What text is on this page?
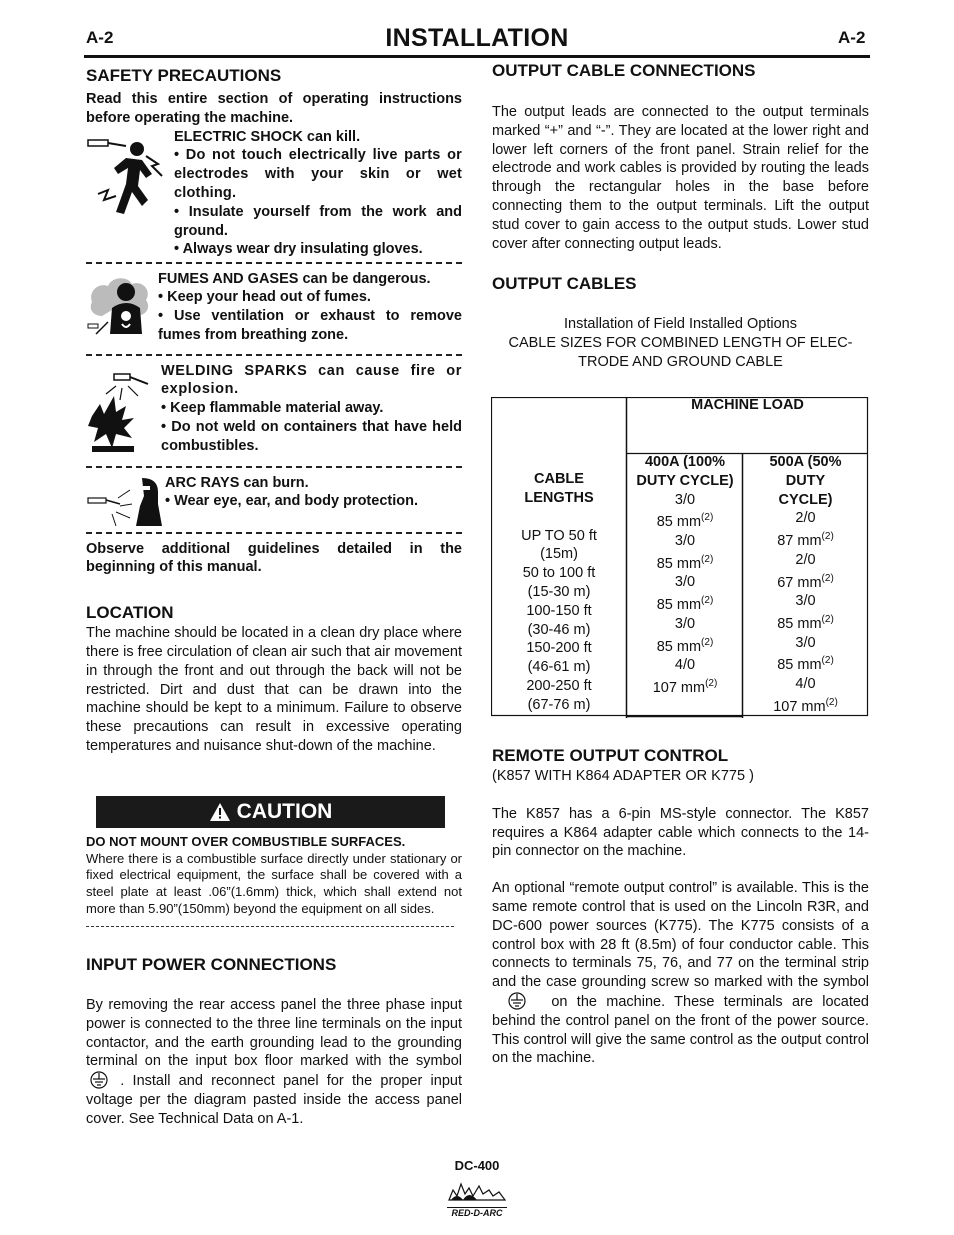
A-2	INSTALLATION	A-2
SAFETY PRECAUTIONS
Read this entire section of operating instructions before operating the machine.
ELECTRIC SHOCK can kill.
• Do not touch electrically live parts or electrodes with your skin or wet clothing.
• Insulate yourself from the work and ground.
• Always wear dry insulating gloves.
FUMES AND GASES can be dangerous.
• Keep your head out of fumes.
• Use ventilation or exhaust to remove fumes from breathing zone.
WELDING SPARKS can cause fire or explosion.
• Keep flammable material away.
• Do not weld on containers that have held combustibles.
ARC RAYS can burn.
• Wear eye, ear, and body protection.
Observe additional guidelines detailed in the beginning of this manual.
LOCATION
The machine should be located in a clean dry place where there is free circulation of clean air such that air movement in through the front and out through the back will not be restricted. Dirt and dust that can be drawn into the machine should be kept to a minimum. Failure to observe these precautions can result in excessive operating temperatures and nuisance shut-down of the machine.
CAUTION
DO NOT MOUNT OVER COMBUSTIBLE SURFACES.
Where there is a combustible surface directly under stationary or fixed electrical equipment, the surface shall be covered with a steel plate at least .06”(1.6mm) thick, which shall extend not more than 5.90”(150mm) beyond the equipment on all sides.
INPUT POWER CONNECTIONS
By removing the rear access panel the three phase input power is connected to the three line terminals on the input contactor, and the earth grounding lead to the grounding terminal on the input box floor marked with the symbol  . Install and reconnect panel for the proper input voltage per the diagram pasted inside the access panel cover. See Technical Data on A-1.
OUTPUT CABLE CONNECTIONS
The output leads are connected to the output terminals marked “+” and “-”. They are located at the lower right and lower left corners of the front panel. Strain relief for the electrode and work cables is provided by routing the leads through the rectangular holes in the base before connecting them to the output terminals. Lift the output stud cover to gain access to the output studs. Lower stud cover after connecting output leads.
OUTPUT CABLES
Installation of Field Installed Options
CABLE SIZES FOR COMBINED LENGTH OF ELEC-
TRODE AND GROUND CABLE
MACHINE LOAD
CABLE LENGTHS
UP TO 50 ft
(15m)
50 to 100 ft
(15-30 m)
100-150 ft
(30-46 m)
150-200 ft
(46-61 m)
200-250 ft
(67-76 m)
400A (100% DUTY CYCLE)
3/0
85 $mm^{(2)}$
3/0
85 $mm^{(2)}$
3/0
85 $mm^{(2)}$
3/0
85 $mm^{(2)}$
4/0
107 $mm^{(2)}$
500A (50% DUTY CYCLE)
2/0
87 $mm^{(2)}$
2/0
67 $mm^{(2)}$
3/0
85 $mm^{(2)}$
3/0
85 $mm^{(2)}$
4/0
107 $mm^{(2)}$
REMOTE OUTPUT CONTROL
(K857 WITH K864 ADAPTER OR K775 )
The K857 has a 6-pin MS-style connector. The K857 requires a K864 adapter cable which connects to the 14-pin connector on the machine.
An optional “remote output control” is available. This is the same remote control that is used on the Lincoln R3R, and DC-600 power sources (K775). The K775 consists of a control box with 28 ft (8.5m) of four conductor cable. This connects to terminals 75, 76, and 77 on the terminal strip and the case grounding screw so marked with the symbol  on the machine. These terminals are located behind the control panel on the front of the power source. This control will give the same control as the output control on the machine.
DC-400
RED-D-ARC
